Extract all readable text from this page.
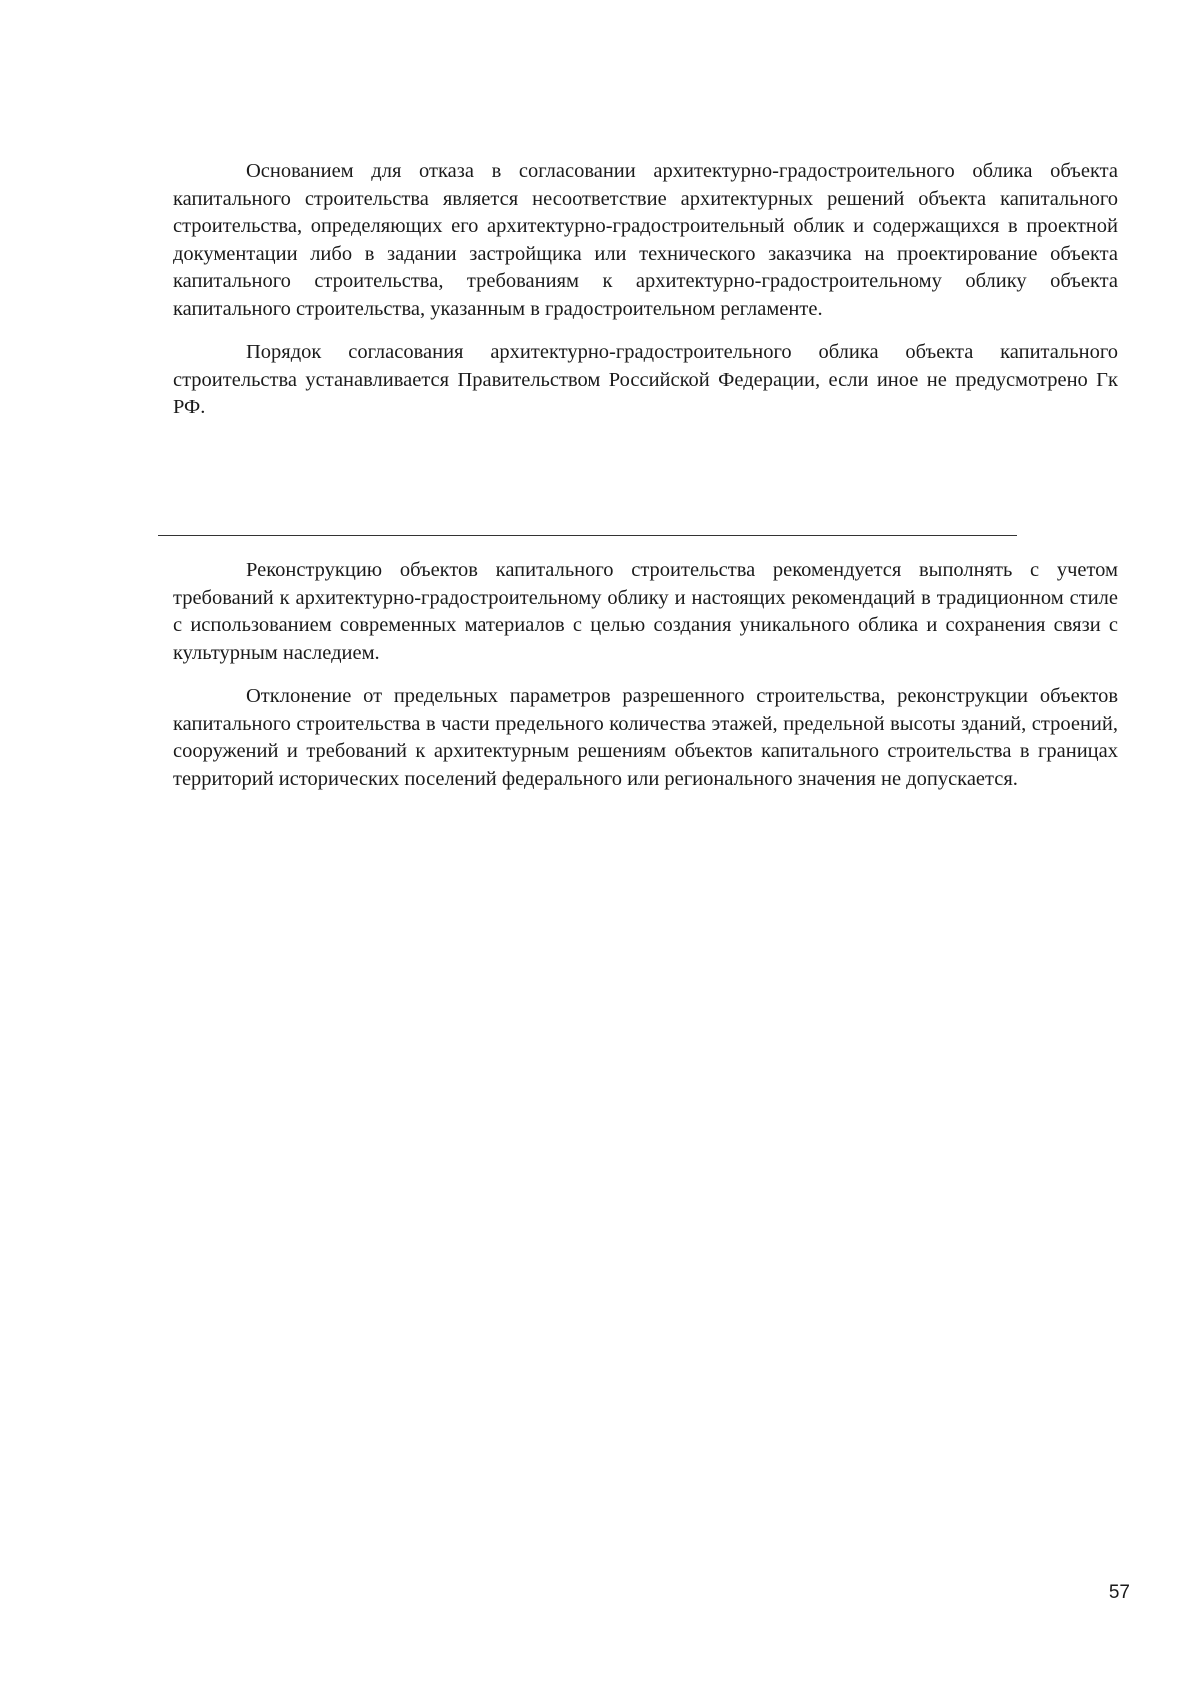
Основанием для отказа в согласовании архитектурно-градостроительного облика объекта капитального строительства является несоответствие архитектурных решений объекта капитального строительства, определяющих его архитектурно-градостроительный облик и содержащихся в проектной документации либо в задании застройщика или технического заказчика на проектирование объекта капитального строительства, требованиям к архитектурно-градостроительному облику объекта капитального строительства, указанным в градостроительном регламенте.

Порядок согласования архитектурно-градостроительного облика объекта капитального строительства устанавливается Правительством Российской Федерации, если иное не предусмотрено Гк РФ.

Реконструкцию объектов капитального строительства рекомендуется выполнять с учетом требований к архитектурно-градостроительному облику и настоящих рекомендаций в традиционном стиле с использованием современных материалов с целью создания уникального облика и сохранения связи с культурным наследием.

Отклонение от предельных параметров разрешенного строительства, реконструкции объектов капитального строительства в части предельного количества этажей, предельной высоты зданий, строений, сооружений и требований к архитектурным решениям объектов капитального строительства в границах территорий исторических поселений федерального или регионального значения не допускается.

57
